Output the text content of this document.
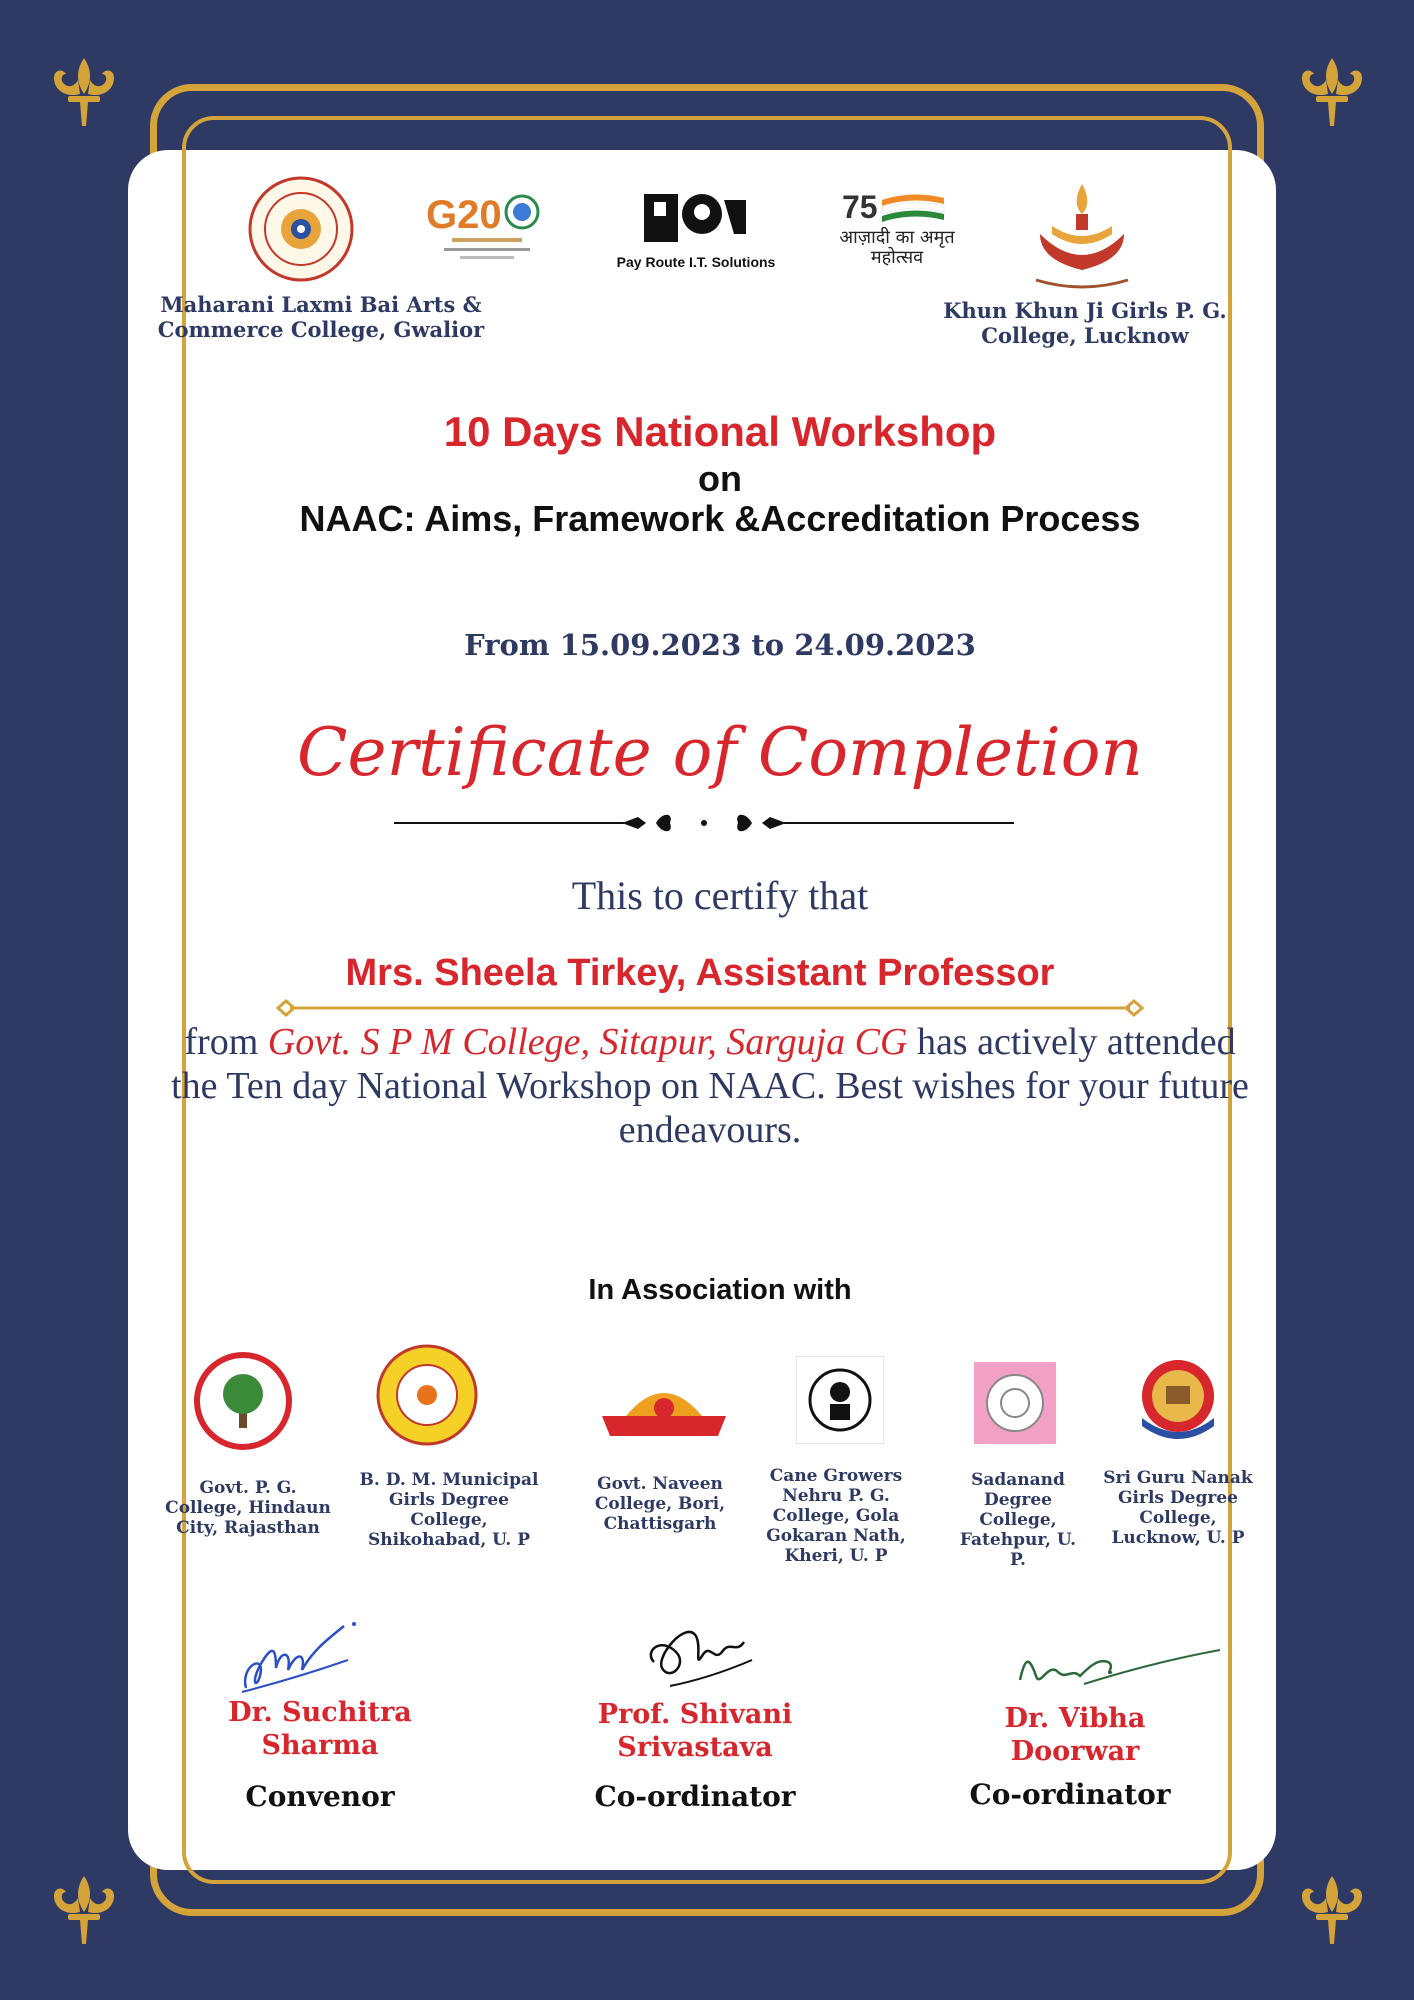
G20
Pay Route I.T. Solutions
75
आज़ादी का अमृत महोत्सव
Maharani Laxmi Bai Arts & Commerce College, Gwalior
Khun Khun Ji Girls P. G. College, Lucknow
10 Days National Workshop
on
NAAC: Aims, Framework &Accreditation Process
From 15.09.2023 to 24.09.2023
Certificate of Completion
This to certify that
Mrs. Sheela Tirkey, Assistant Professor
from Govt. S P M College, Sitapur, Sarguja CG has actively attended the Ten day National Workshop on NAAC. Best wishes for your future endeavours.
In Association with
Govt. P. G. College, Hindaun City, Rajasthan
B. D. M. Municipal Girls Degree College, Shikohabad, U. P
Govt. Naveen College, Bori, Chattisgarh
Cane Growers Nehru P. G. College, Gola Gokaran Nath, Kheri, U. P
Sadanand Degree College, Fatehpur, U. P.
Sri Guru Nanak Girls Degree College, Lucknow, U. P
Dr. Suchitra Sharma
Prof. Shivani Srivastava
Dr. Vibha Doorwar
Convenor	Co-ordinator	Co-ordinator
